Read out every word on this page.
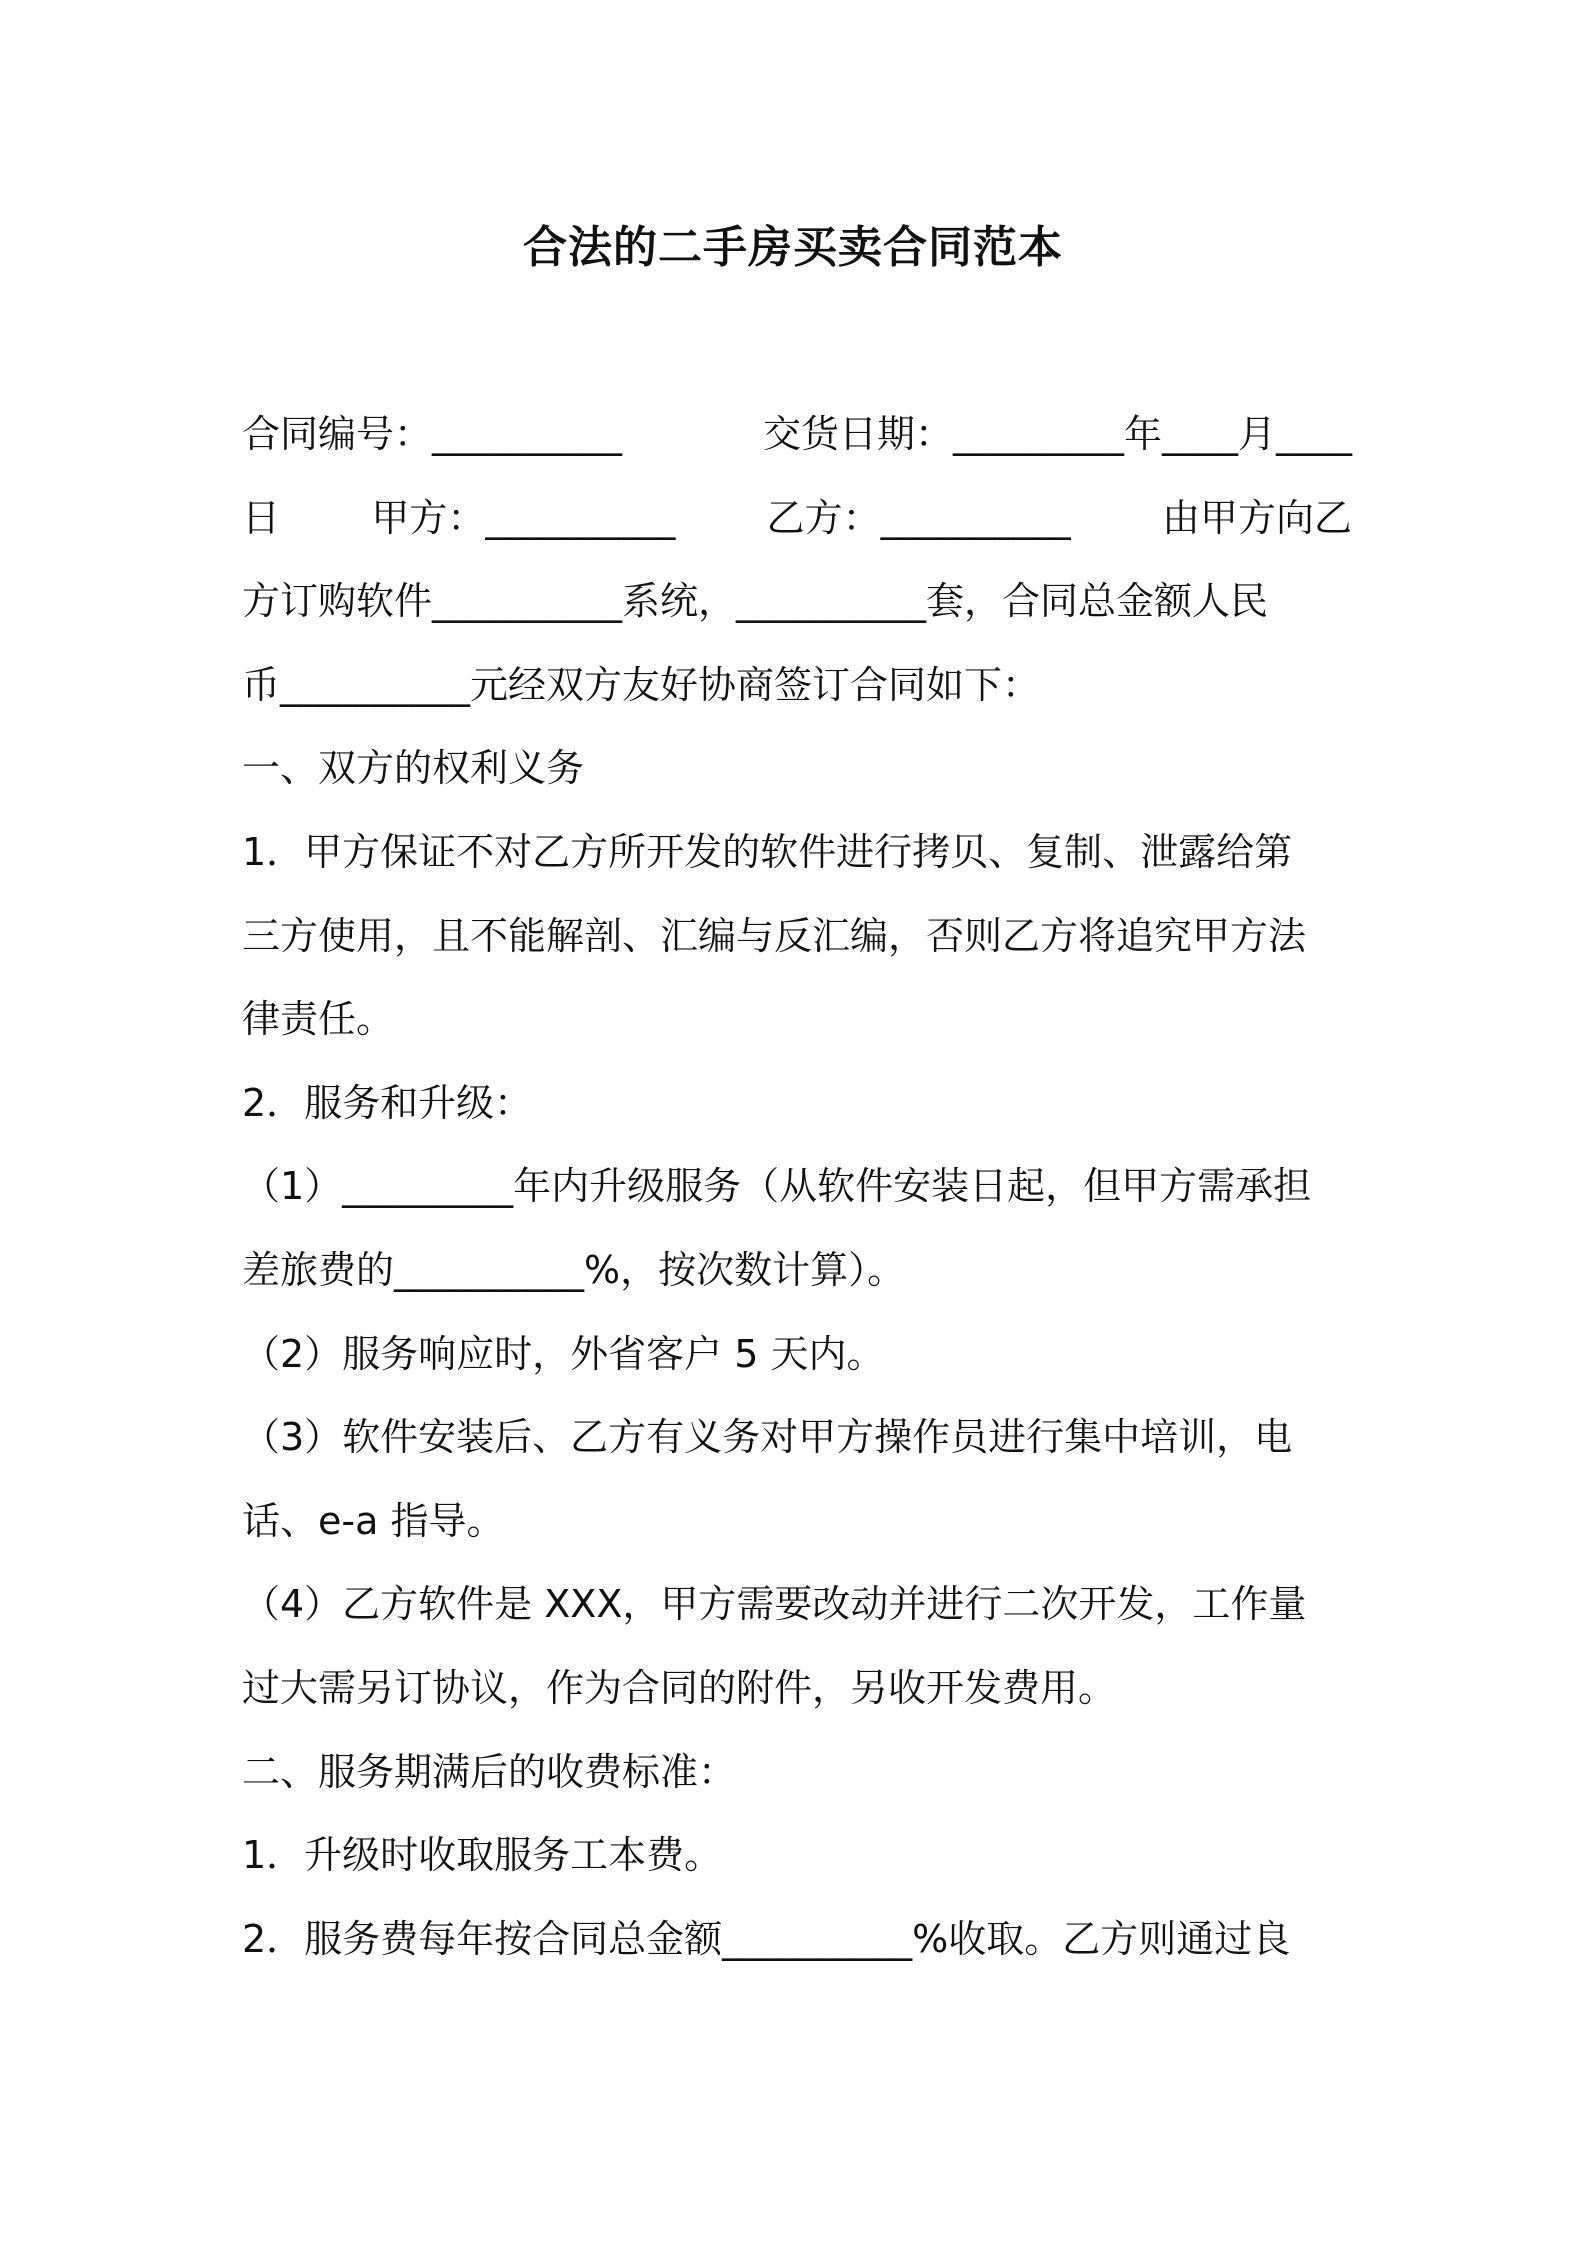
合法的二手房买卖合同范本
合同编号：__________	交货日期：_________年____月____
日 甲方：__________ 乙方：__________ 由甲方向乙
方订购软件__________系统，__________套，合同总金额人民
币__________元经双方友好协商签订合同如下：
一、双方的权利义务
1．甲方保证不对乙方所开发的软件进行拷贝、复制、泄露给第
三方使用，且不能解剖、汇编与反汇编，否则乙方将追究甲方法
律责任。
2．服务和升级：
（1）_________年内升级服务（从软件安装日起，但甲方需承担
差旅费的__________%，按次数计算）。
（2）服务响应时，外省客户 5 天内。
（3）软件安装后、乙方有义务对甲方操作员进行集中培训，电
话、e-a 指导。
（4）乙方软件是 XXX，甲方需要改动并进行二次开发，工作量
过大需另订协议，作为合同的附件，另收开发费用。
二、服务期满后的收费标准：
1．升级时收取服务工本费。
2．服务费每年按合同总金额__________%收取。乙方则通过良
